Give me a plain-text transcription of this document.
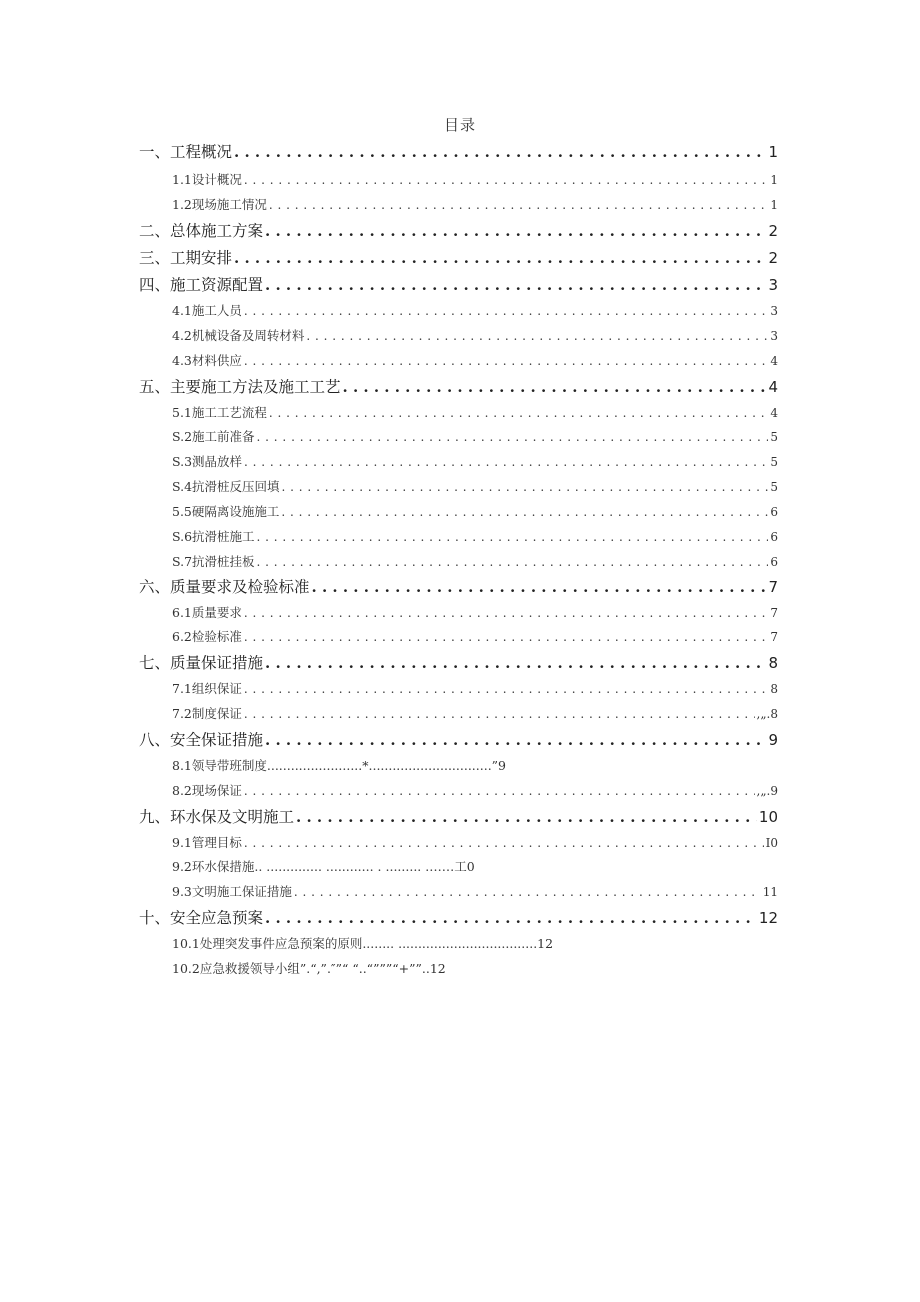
目录
一、工程概况 . . .	1
1.1设计概况 . . .	1
1.2现场施工情况 . . .	1
二、总体施工方案 . . .	2
三、工期安排 . . .	2
四、施工资源配置 . . .	3
4.1施工人员 . . .	3
4.2机械设备及周转材料 . . .	3
4.3材料供应 . . .	4
五、主要施工方法及施工工艺 . . .	4
5.1施工工艺流程 . . .	4
S.2施工前准备 . . .	5
S.3测晶放样 . . .	5
S.4抗滑桩反压回填 . . .	5
5.5硬隔离设施施工 . . .	6
S.6抗滑桩施工 . . .	6
S.7抗滑桩挂板 . . .	6
六、质量要求及检验标准 . . .	7
6.1质量要求 . . .	7
6.2检验标准 . . .	7
七、质量保证措施 . . .	8
7.1组织保证 . . .	8
7.2制度保证 . . .	,„.8
八、安全保证措施 . . .	9
8.1领导带班制度........................*...............................”9
8.2现场保证 . . .	,„.9
九、环水保及文明施工 . . .	10
9.1管理目标 . . .	I0
9.2环水保措施.. .............. ............ . ......... .……工0
9.3文明施工保证措施 . . .	11
十、安全应急预案 . . .	12
10.1处理突发事件应急预案的原则........ ...................................12
10.2应急救援领导小组”.“,”.″”“ “..“”””“+””..12
